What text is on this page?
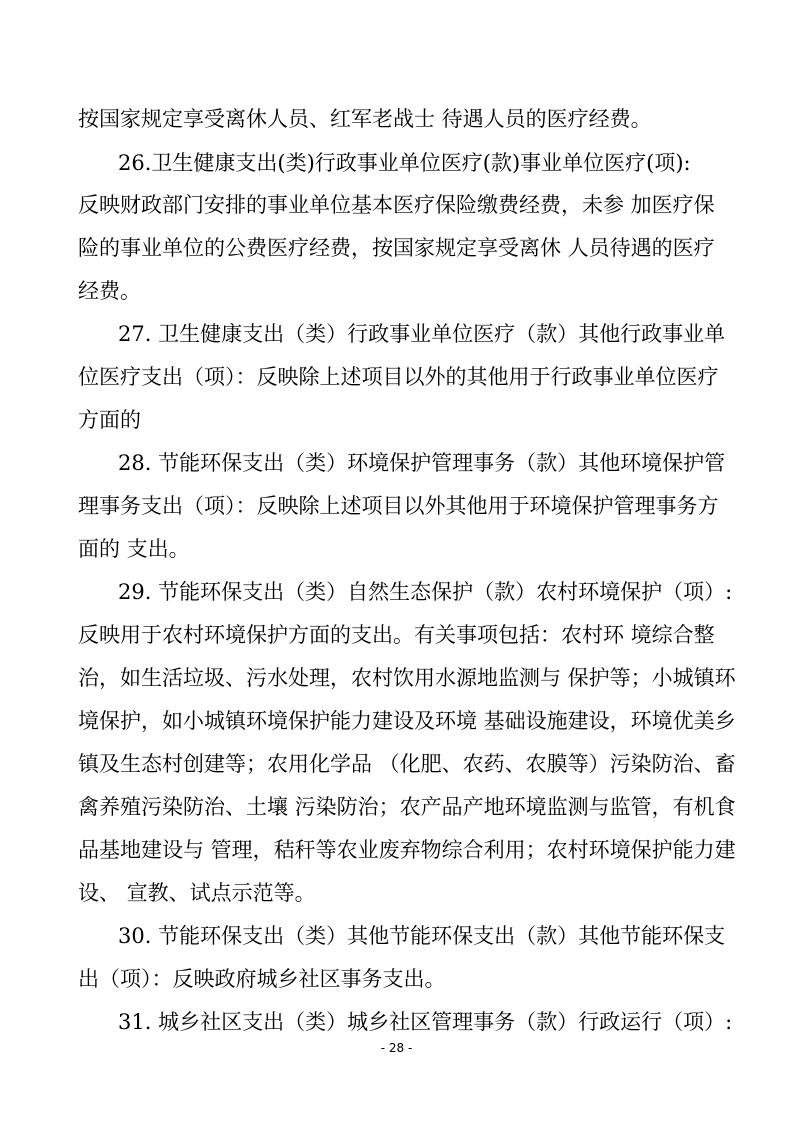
按国家规定享受离休人员、红军老战士 待遇人员的医疗经费。
26.卫生健康支出(类)行政事业单位医疗(款)事业单位医疗(项):
反映财政部门安排的事业单位基本医疗保险缴费经费，未参 加医疗保
险的事业单位的公费医疗经费，按国家规定享受离休 人员待遇的医疗
经费。
27. 卫生健康支出（类）行政事业单位医疗（款）其他行政事业单
位医疗支出（项）：反映除上述项目以外的其他用于行政事业单位医疗
方面的
28. 节能环保支出（类）环境保护管理事务（款）其他环境保护管
理事务支出（项）：反映除上述项目以外其他用于环境保护管理事务方
面的 支出。
29. 节能环保支出（类）自然生态保护（款）农村环境保护（项）:
反映用于农村环境保护方面的支出。有关事项包括：农村环 境综合整
治，如生活垃圾、污水处理，农村饮用水源地监测与 保护等；小城镇环
境保护，如小城镇环境保护能力建设及环境 基础设施建设，环境优美乡
镇及生态村创建等；农用化学品 （化肥、农药、农膜等）污染防治、畜
禽养殖污染防治、土壤 污染防治；农产品产地环境监测与监管，有机食
品基地建设与 管理，秸秆等农业废弃物综合利用；农村环境保护能力建
设、 宣教、试点示范等。
30. 节能环保支出（类）其他节能环保支出（款）其他节能环保支
出（项）：反映政府城乡社区事务支出。
31. 城乡社区支出（类）城乡社区管理事务（款）行政运行（项）:
- 28 -
